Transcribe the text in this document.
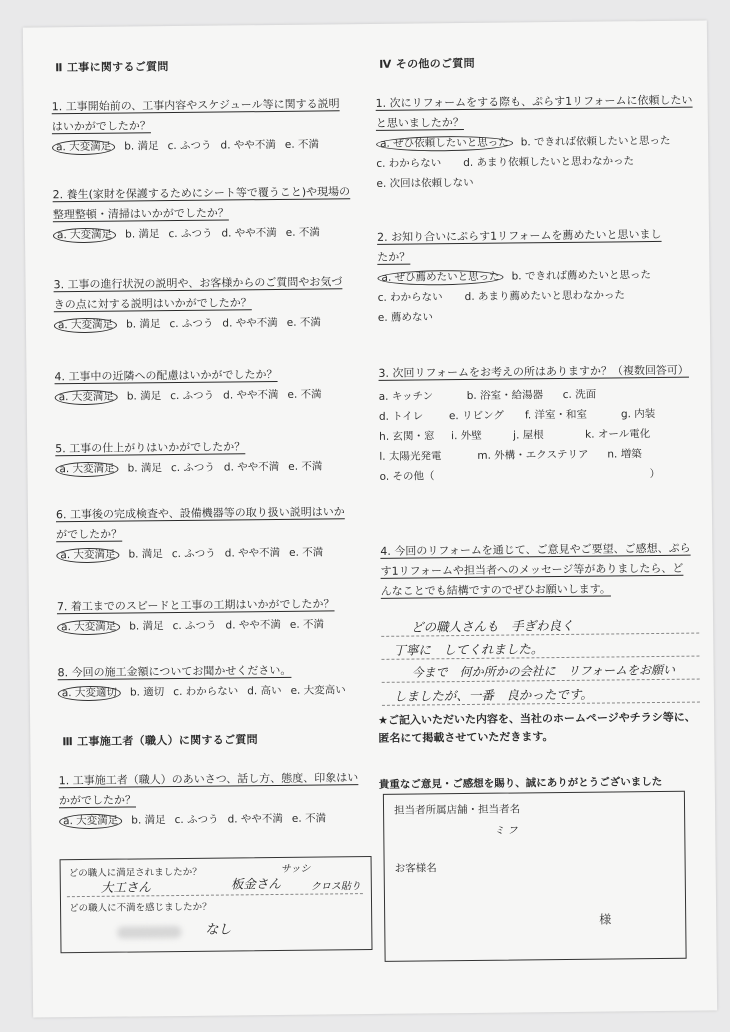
Ⅱ 工事に関するご質問
1. 工事開始前の、工事内容やスケジュール等に関する説明
はいかがでしたか？
a. 大変満足 b. 満足 c. ふつう d. やや不満 e. 不満
2. 養生(家財を保護するためにシート等で覆うこと)や現場の
整理整頓・清掃はいかがでしたか？
a. 大変満足 b. 満足 c. ふつう d. やや不満 e. 不満
3. 工事の進行状況の説明や、お客様からのご質問やお気づ
きの点に対する説明はいかがでしたか？
a. 大変満足 b. 満足 c. ふつう d. やや不満 e. 不満
4. 工事中の近隣への配慮はいかがでしたか？
a. 大変満足 b. 満足 c. ふつう d. やや不満 e. 不満
5. 工事の仕上がりはいかがでしたか？
a. 大変満足 b. 満足 c. ふつう d. やや不満 e. 不満
6. 工事後の完成検査や、設備機器等の取り扱い説明はいか
がでしたか？
a. 大変満足 b. 満足 c. ふつう d. やや不満 e. 不満
7. 着工までのスピードと工事の工期はいかがでしたか？
a. 大変満足 b. 満足 c. ふつう d. やや不満 e. 不満
8. 今回の施工金額についてお聞かせください。
a. 大変適切 b. 適切 c. わからない d. 高い e. 大変高い
Ⅲ 工事施工者（職人）に関するご質問
1. 工事施工者（職人）のあいさつ、話し方、態度、印象はい
かがでしたか？
a. 大変満足 b. 満足 c. ふつう d. やや不満 e. 不満
どの職人に満足されましたか？	サッシ
大工さん	板金さん	クロス貼り
どの職人に不満を感じましたか？
なし
Ⅳ その他のご質問
1. 次にリフォームをする際も、ぷらす1リフォームに依頼したい
と思いましたか？
a. ぜひ依頼したいと思った b. できれば依頼したいと思った
c. わからない d. あまり依頼したいと思わなかった
e. 次回は依頼しない
2. お知り合いにぷらす1リフォームを薦めたいと思いまし
たか？
a. ぜひ薦めたいと思った b. できれば薦めたいと思った
c. わからない d. あまり薦めたいと思わなかった
e. 薦めない
3. 次回リフォームをお考えの所はありますか？（複数回答可）
a. キッチン	b. 浴室・給湯器 c. 洗面
d. トイレ e. リビング f. 洋室・和室	g. 内装
h. 玄関・窓 i. 外壁	j. 屋根	k. オール電化
l. 太陽光発電	m. 外構・エクステリア n. 増築
o. その他（	）
4. 今回のリフォームを通じて、ご意見やご要望、ご感想、ぷら
す1リフォームや担当者へのメッセージ等がありましたら、ど
んなことでも結構ですのでぜひお願いします。
どの職人さんも　手ぎわ良く
丁寧に　してくれました。
今まで　何か所かの会社に　リフォームをお願い
しましたが、一番　良かったです。
★ご記入いただいた内容を、当社のホームページやチラシ等に、匿名にて掲載させていただきます。
貴重なご意見・ご感想を賜り、誠にありがとうございました
担当者所属店舗・担当者名
ミ フ
お客様名
様
